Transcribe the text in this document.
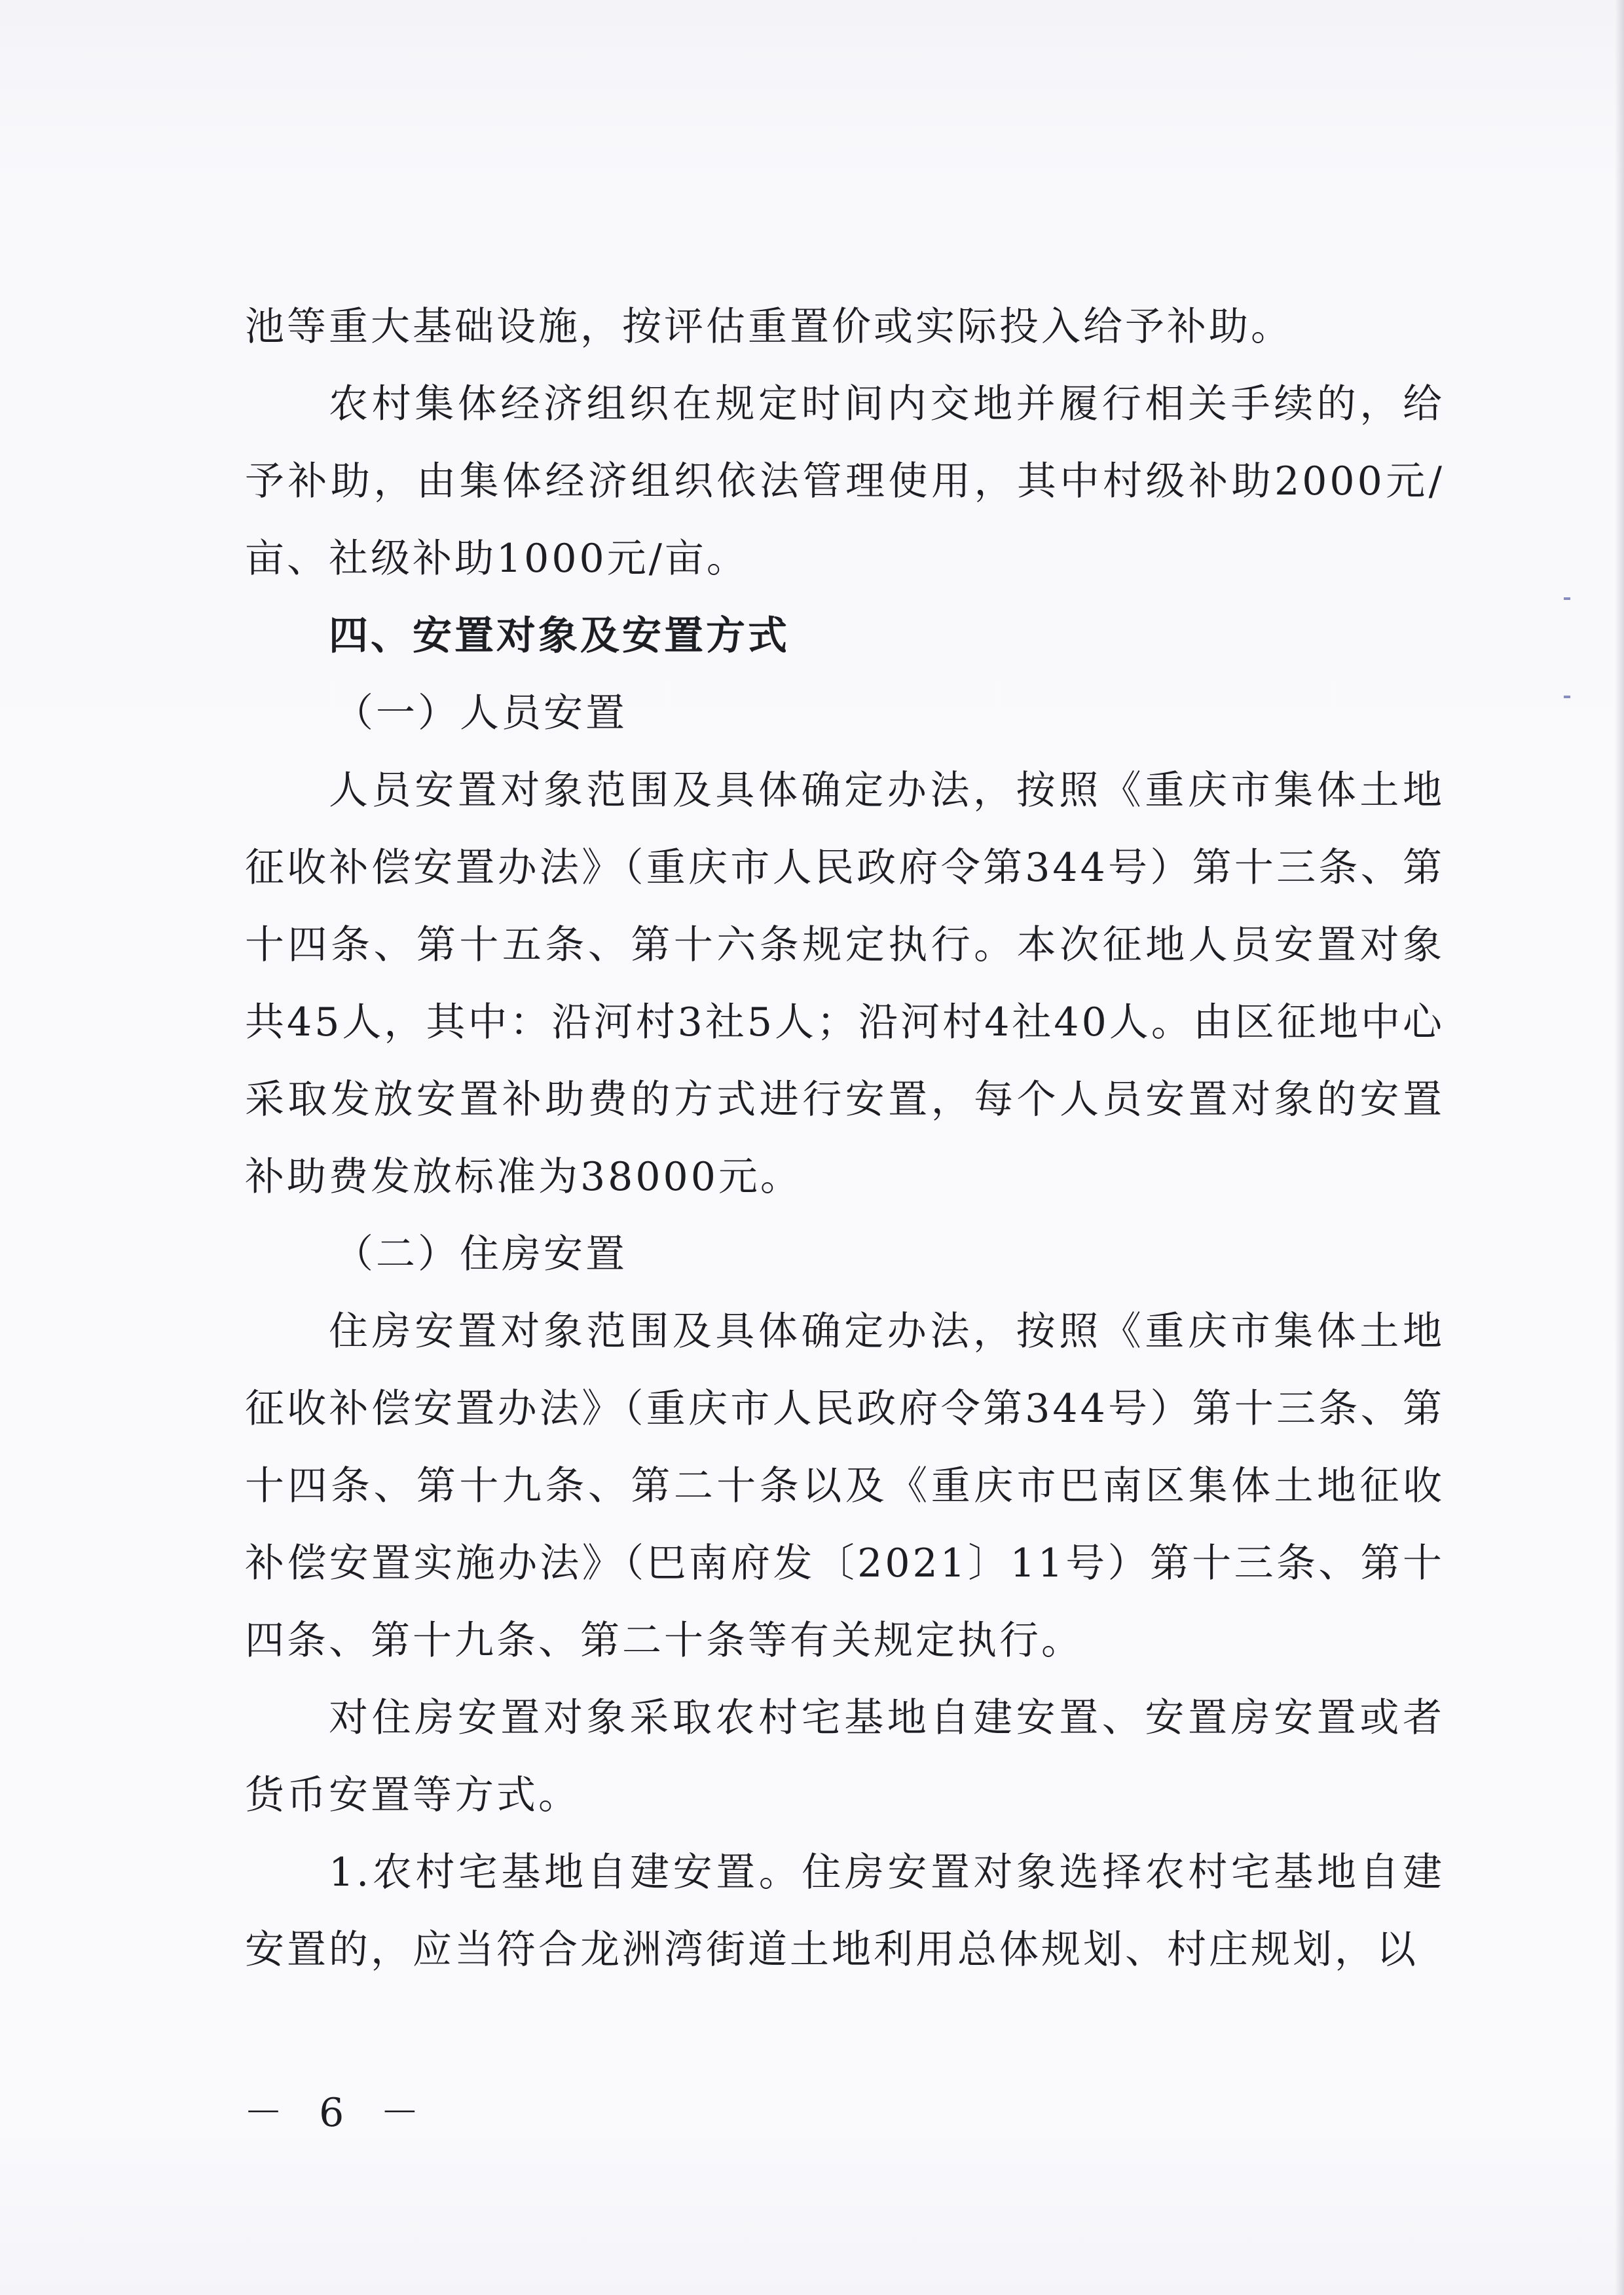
池等重大基础设施，按评估重置价或实际投入给予补助。

农村集体经济组织在规定时间内交地并履行相关手续的，给予补助，由集体经济组织依法管理使用，其中村级补助2000元/亩、社级补助1000元/亩。

四、安置对象及安置方式

（一）人员安置

人员安置对象范围及具体确定办法，按照《重庆市集体土地征收补偿安置办法》（重庆市人民政府令第344号）第十三条、第十四条、第十五条、第十六条规定执行。本次征地人员安置对象共45人，其中：沿河村3社5人；沿河村4社40人。由区征地中心采取发放安置补助费的方式进行安置，每个人员安置对象的安置补助费发放标准为38000元。

（二）住房安置

住房安置对象范围及具体确定办法，按照《重庆市集体土地征收补偿安置办法》（重庆市人民政府令第344号）第十三条、第十四条、第十九条、第二十条以及《重庆市巴南区集体土地征收补偿安置实施办法》（巴南府发〔2021〕11号）第十三条、第十四条、第十九条、第二十条等有关规定执行。

对住房安置对象采取农村宅基地自建安置、安置房安置或者货币安置等方式。

1.农村宅基地自建安置。住房安置对象选择农村宅基地自建安置的，应当符合龙洲湾街道土地利用总体规划、村庄规划，以

－ 6 －
